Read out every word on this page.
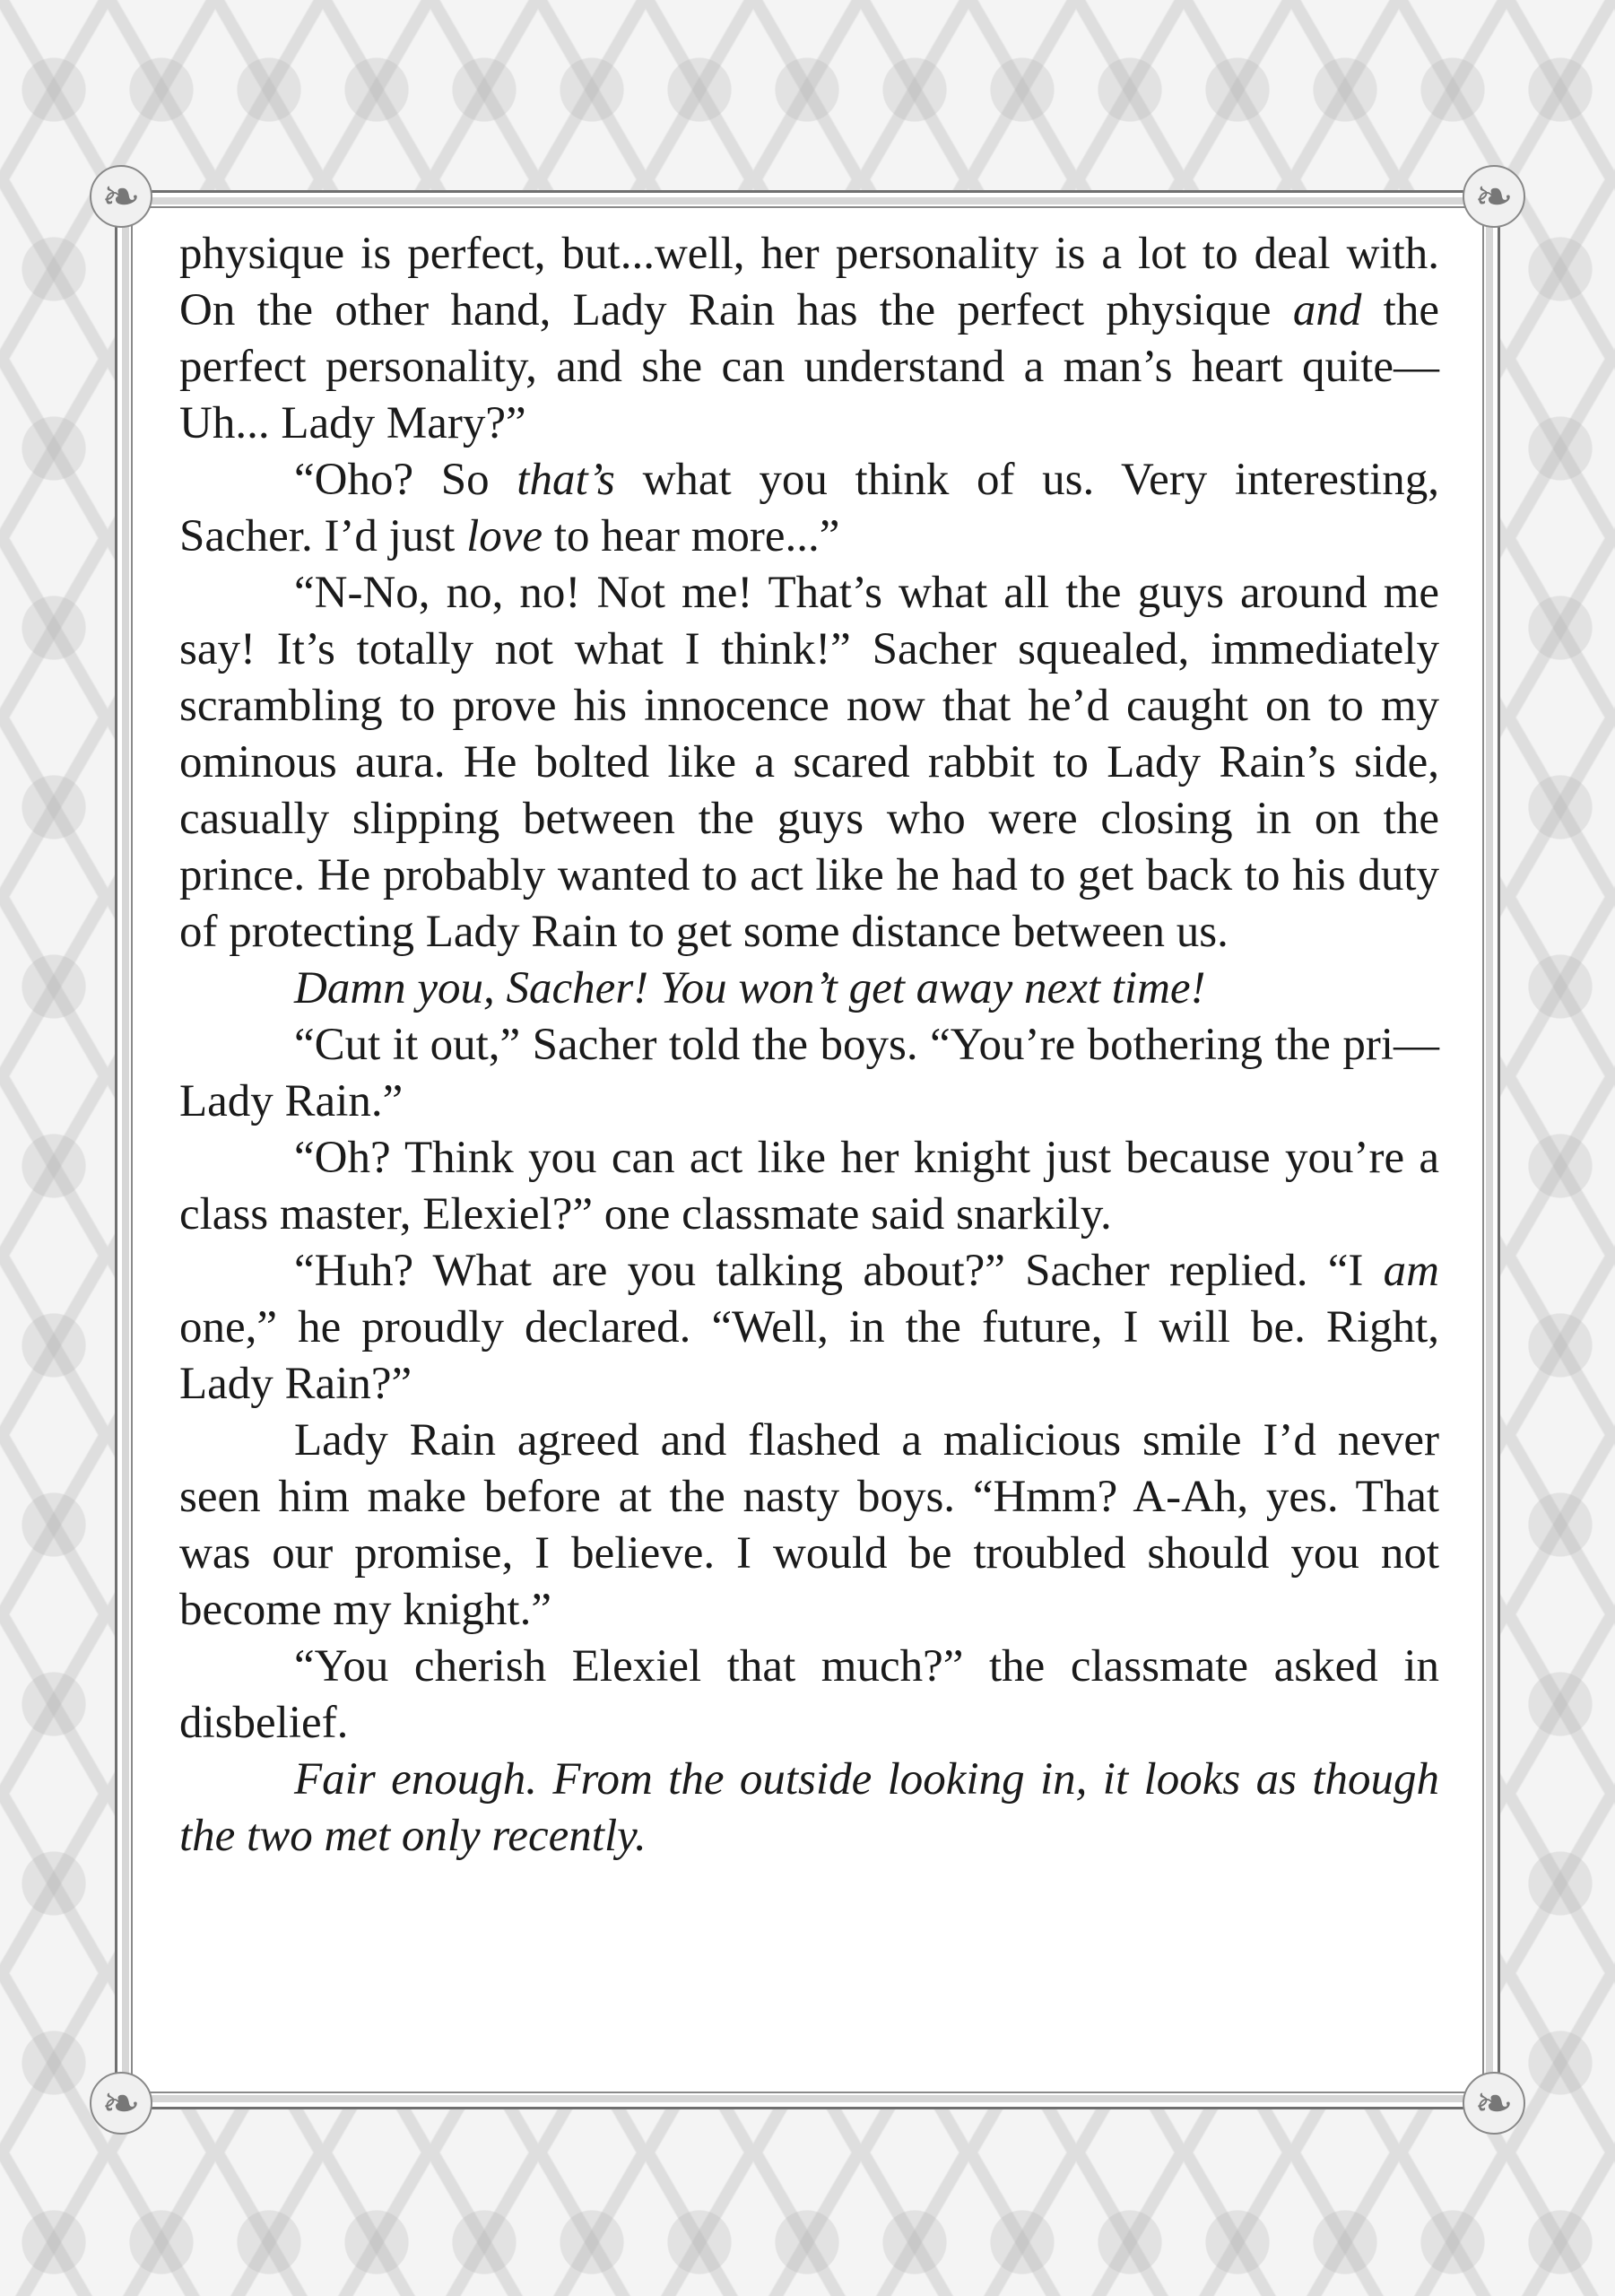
❧	❧
❧	❧

physique is perfect, but...well, her personality is a lot to deal with. On the other hand, Lady Rain has the perfect physique and the perfect personality, and she can understand a man’s heart quite— Uh... Lady Mary?”

“Oho? So that’s what you think of us. Very interesting, Sacher. I’d just love to hear more...”

“N-No, no, no! Not me! That’s what all the guys around me say! It’s totally not what I think!” Sacher squealed, immediately scrambling to prove his innocence now that he’d caught on to my ominous aura. He bolted like a scared rabbit to Lady Rain’s side, casually slipping between the guys who were closing in on the prince. He probably wanted to act like he had to get back to his duty of protecting Lady Rain to get some distance between us.

Damn you, Sacher! You won’t get away next time!

“Cut it out,” Sacher told the boys. “You’re bothering the pri—Lady Rain.”

“Oh? Think you can act like her knight just because you’re a class master, Elexiel?” one classmate said snarkily.

“Huh? What are you talking about?” Sacher replied. “I am one,” he proudly declared. “Well, in the future, I will be. Right, Lady Rain?”

Lady Rain agreed and flashed a malicious smile I’d never seen him make before at the nasty boys. “Hmm? A-Ah, yes. That was our promise, I believe. I would be troubled should you not become my knight.”

“You cherish Elexiel that much?” the classmate asked in disbelief.

Fair enough. From the outside looking in, it looks as though the two met only recently.
